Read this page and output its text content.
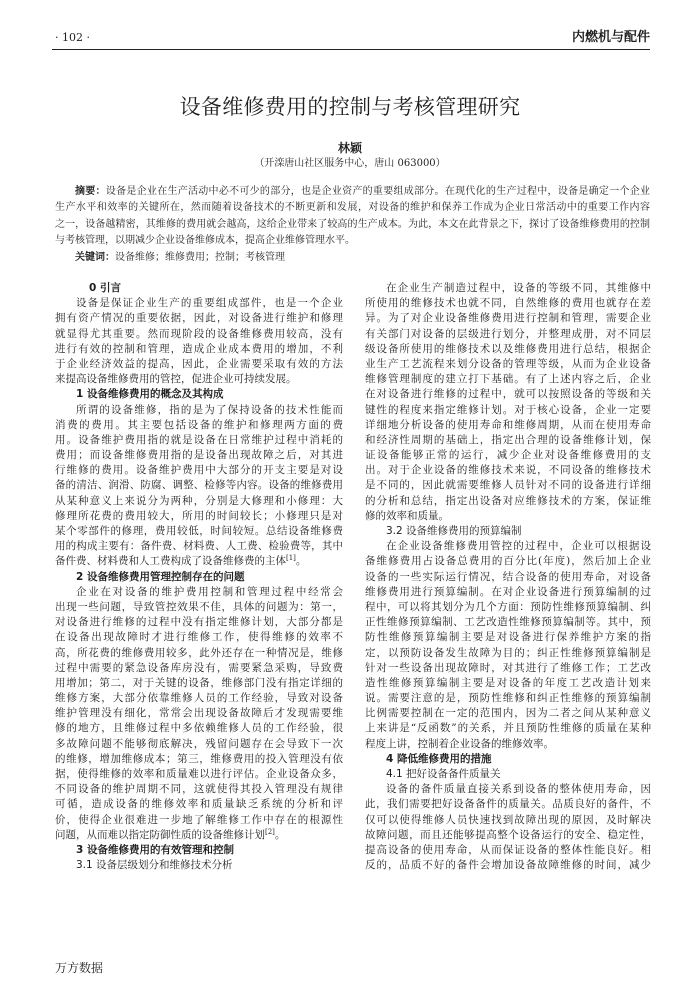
· 102 ·	内燃机与配件
设备维修费用的控制与考核管理研究
林颖
（开滦唐山社区服务中心，唐山 063000）
摘要：设备是企业在生产活动中必不可少的部分，也是企业资产的重要组成部分。在现代化的生产过程中，设备是确定一个企业
生产水平和效率的关键所在，然而随着设备技术的不断更新和发展，对设备的维护和保养工作成为企业日常活动中的重要工作内容
之一，设备越精密，其维修的费用就会越高，这给企业带来了较高的生产成本。为此，本文在此背景之下，探讨了设备维修费用的控制
与考核管理，以期减少企业设备维修成本，提高企业维修管理水平。
关键词：设备维修；维修费用；控制；考核管理
0 引言
设备是保证企业生产的重要组成部件，也是一个企业
拥有资产情况的重要依据，因此，对设备进行维护和修理
就显得尤其重要。然而现阶段的设备维修费用较高，没有
进行有效的控制和管理，造成企业成本费用的增加，不利
于企业经济效益的提高，因此，企业需要采取有效的方法
来提高设备维修费用的管控，促进企业可持续发展。
1 设备维修费用的概念及其构成
所谓的设备维修，指的是为了保持设备的技术性能而
消费的费用。其主要包括设备的维护和修理两方面的费
用。设备维护费用指的就是设备在日常维护过程中消耗的
费用；而设备维修费用指的是设备出现故障之后，对其进
行维修的费用。设备维护费用中大部分的开支主要是对设
备的清洁、润滑、防腐、调整、检修等内容。设备的维修费用
从某种意义上来说分为两种，分别是大修理和小修理：大
修理所花费的费用较大，所用的时间较长；小修理只是对
某个零部件的修理，费用较低，时间较短。总结设备维修费
用的构成主要有：备件费、材料费、人工费、检验费等，其中
备件费、材料费和人工费构成了设备维修费的主体[1]。
2 设备维修费用管理控制存在的问题
企业在对设备的维护费用控制和管理过程中经常会
出现一些问题，导致管控效果不佳，具体的问题为：第一，
对设备进行维修的过程中没有指定维修计划，大部分都是
在设备出现故障时才进行维修工作，使得维修的效率不
高，所花费的维修费用较多，此外还存在一种情况是，维修
过程中需要的紧急设备库房没有，需要紧急采购，导致费
用增加；第二，对于关键的设备，维修部门没有指定详细的
维修方案，大部分依靠维修人员的工作经验，导致对设备
维护管理没有细化，常常会出现设备故障后才发现需要维
修的地方，且维修过程中多依赖维修人员的工作经验，很
多故障问题不能够彻底解决，残留问题存在会导致下一次
的维修，增加维修成本；第三，维修费用的投入管理没有依
据，使得维修的效率和质量难以进行评估。企业设备众多，
不同设备的维护周期不同，这就使得其投入管理没有规律
可循，造成设备的维修效率和质量缺乏系统的分析和评
价，使得企业很难进一步地了解维修工作中存在的根源性
问题，从而难以指定防御性质的设备维修计划[2]。
3 设备维修费用的有效管理和控制
3.1 设备层级划分和维修技术分析
在企业生产制造过程中，设备的等级不同，其维修中
所使用的维修技术也就不同，自然维修的费用也就存在差
异。为了对企业设备维修费用进行控制和管理，需要企业
有关部门对设备的层级进行划分，并整理成册，对不同层
级设备所使用的维修技术以及维修费用进行总结，根据企
业生产工艺流程来划分设备的管理等级，从而为企业设备
维修管理制度的建立打下基础。有了上述内容之后，企业
在对设备进行维修的过程中，就可以按照设备的等级和关
键性的程度来指定维修计划。对于核心设备，企业一定要
详细地分析设备的使用寿命和维修周期，从而在使用寿命
和经济性周期的基础上，指定出合理的设备维修计划，保
证设备能够正常的运行，减少企业对设备维修费用的支
出。对于企业设备的维修技术来说，不同设备的维修技术
是不同的，因此就需要维修人员针对不同的设备进行详细
的分析和总结，指定出设备对应维修技术的方案，保证维
修的效率和质量。
3.2 设备维修费用的预算编制
在企业设备维修费用管控的过程中，企业可以根据设
备维修费用占设备总费用的百分比(年度)，然后加上企业
设备的一些实际运行情况，结合设备的使用寿命，对设备
维修费用进行预算编制。在对企业设备进行预算编制的过
程中，可以将其划分为几个方面：预防性维修预算编制、纠
正性维修预算编制、工艺改造性维修预算编制等。其中，预
防性维修预算编制主要是对设备进行保养维护方案的指
定，以预防设备发生故障为目的；纠正性维修预算编制是
针对一些设备出现故障时，对其进行了维修工作；工艺改
造性维修预算编制主要是对设备的年度工艺改造计划来
说。需要注意的是，预防性维修和纠正性维修的预算编制
比例需要控制在一定的范围内，因为二者之间从某种意义
上来讲是“反函数”的关系，并且预防性维修的质量在某种
程度上讲，控制着企业设备的维修效率。
4 降低维修费用的措施
4.1 把好设备备件质量关
设备的备件质量直接关系到设备的整体使用寿命，因
此，我们需要把好设备备件的质量关。品质良好的备件，不
仅可以使得维修人员快速找到故障出现的原因，及时解决
故障问题，而且还能够提高整个设备运行的安全、稳定性，
提高设备的使用寿命，从而保证设备的整体性能良好。相
反的，品质不好的备件会增加设备故障维修的时间，减少
万方数据
